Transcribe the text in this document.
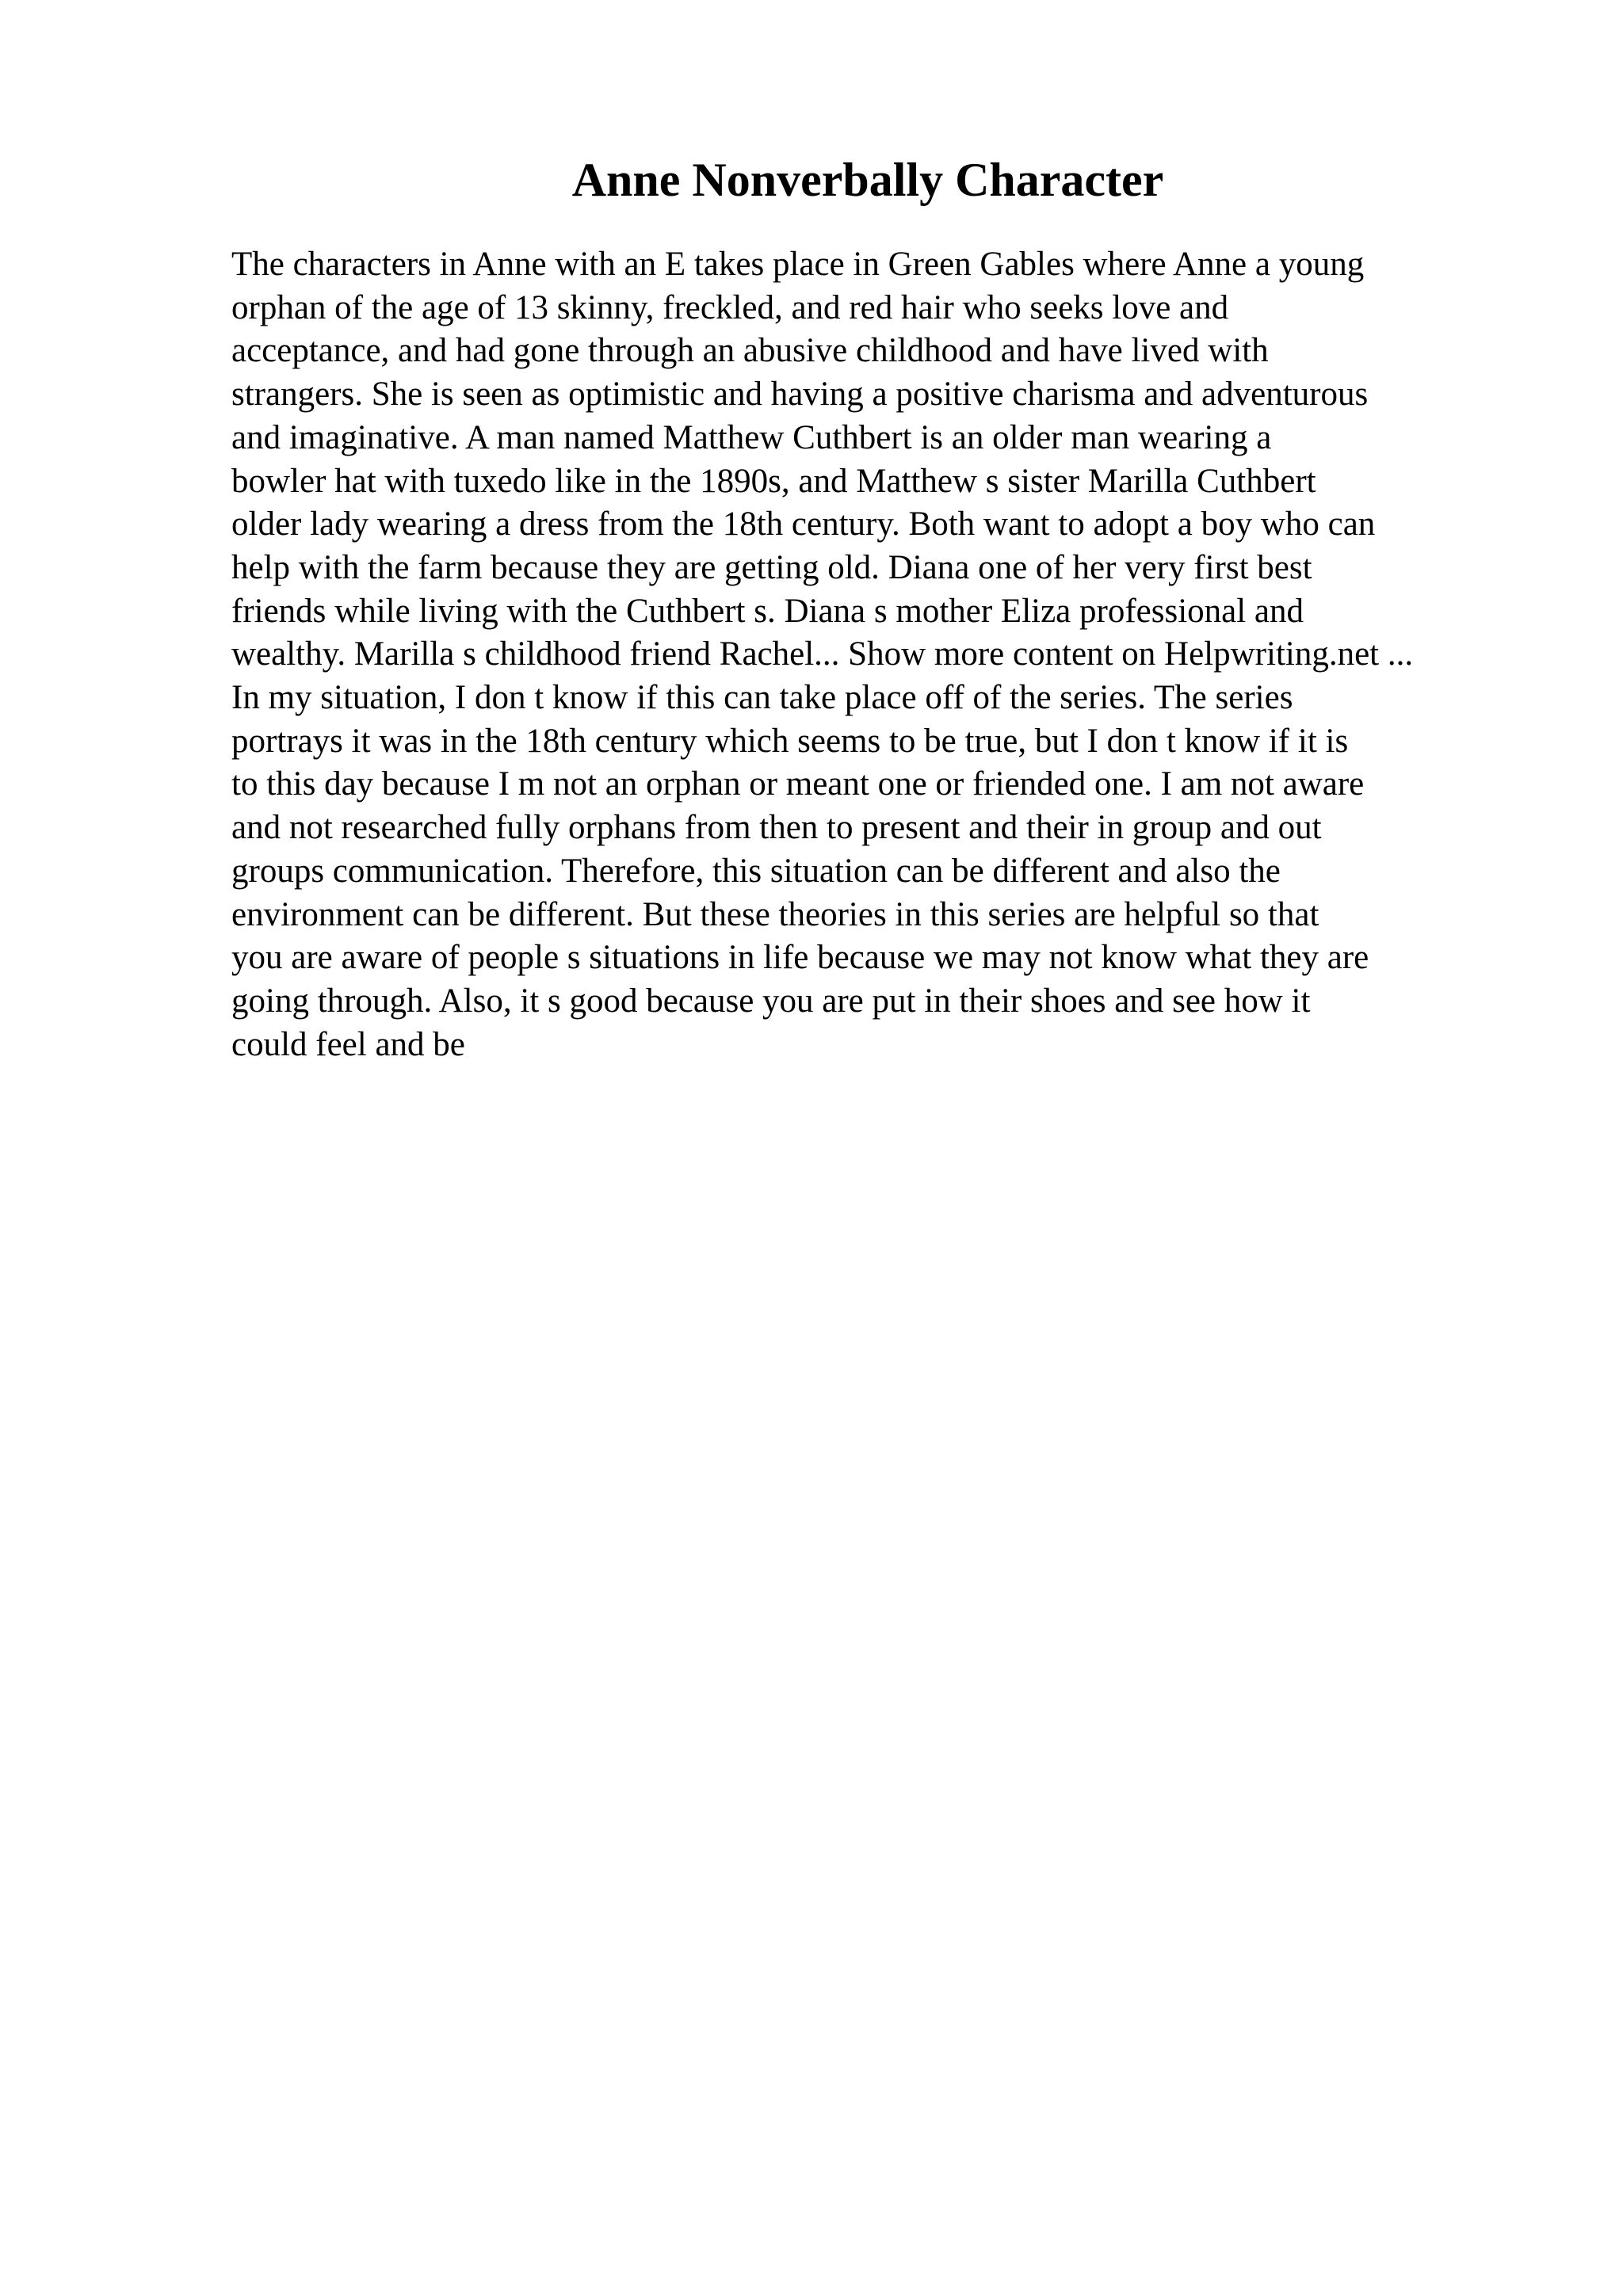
Anne Nonverbally Character
The characters in Anne with an E takes place in Green Gables where Anne a young
orphan of the age of 13 skinny, freckled, and red hair who seeks love and
acceptance, and had gone through an abusive childhood and have lived with
strangers. She is seen as optimistic and having a positive charisma and adventurous
and imaginative. A man named Matthew Cuthbert is an older man wearing a
bowler hat with tuxedo like in the 1890s, and Matthew s sister Marilla Cuthbert
older lady wearing a dress from the 18th century. Both want to adopt a boy who can
help with the farm because they are getting old. Diana one of her very first best
friends while living with the Cuthbert s. Diana s mother Eliza professional and
wealthy. Marilla s childhood friend Rachel... Show more content on Helpwriting.net ...
In my situation, I don t know if this can take place off of the series. The series
portrays it was in the 18th century which seems to be true, but I don t know if it is
to this day because I m not an orphan or meant one or friended one. I am not aware
and not researched fully orphans from then to present and their in group and out
groups communication. Therefore, this situation can be different and also the
environment can be different. But these theories in this series are helpful so that
you are aware of people s situations in life because we may not know what they are
going through. Also, it s good because you are put in their shoes and see how it
could feel and be
